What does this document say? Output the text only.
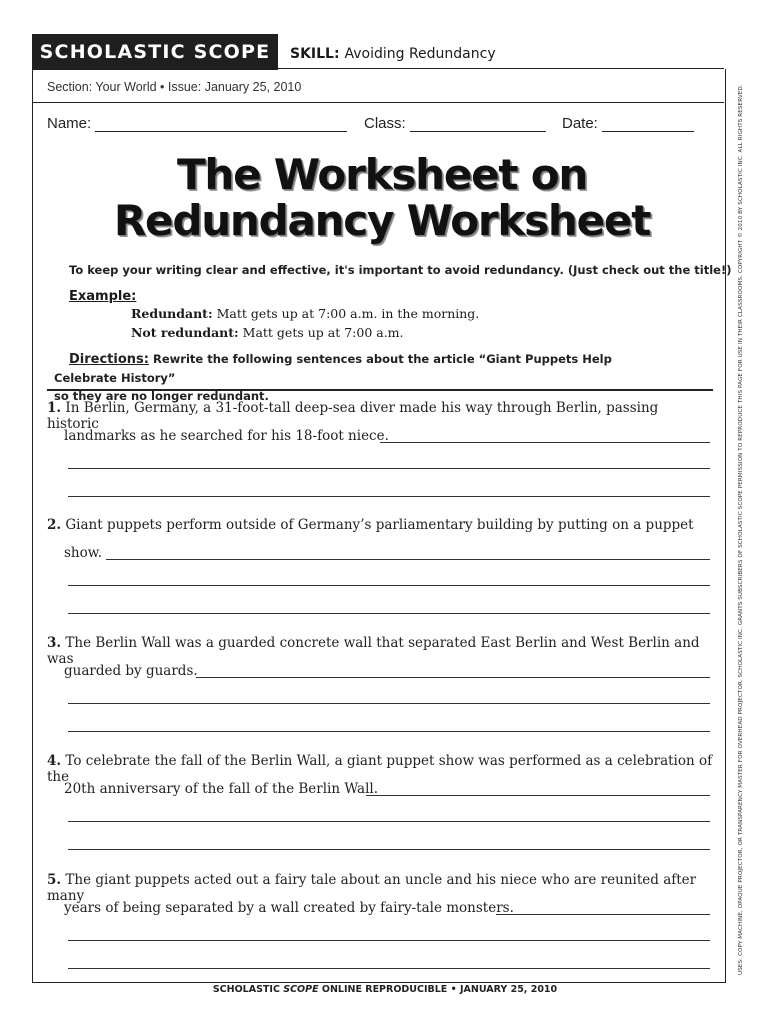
SCHOLASTIC SCOPE	SKILL: Avoiding Redundancy
Section: Your World • Issue: January 25, 2010
Name:	Class:	Date:
The Worksheet on
Redundancy Worksheet
To keep your writing clear and effective, it's important to avoid redundancy. (Just check out the title!)
Example:
Redundant: Matt gets up at 7:00 a.m. in the morning.
Not redundant: Matt gets up at 7:00 a.m.
Directions: Rewrite the following sentences about the article “Giant Puppets Help Celebrate History”
so they are no longer redundant.
1. In Berlin, Germany, a 31-foot-tall deep-sea diver made his way through Berlin, passing historic
landmarks as he searched for his 18-foot niece.
2. Giant puppets perform outside of Germany’s parliamentary building by putting on a puppet
show.
3. The Berlin Wall was a guarded concrete wall that separated East Berlin and West Berlin and was
guarded by guards.
4. To celebrate the fall of the Berlin Wall, a giant puppet show was performed as a celebration of the
20th anniversary of the fall of the Berlin Wall.
5. The giant puppets acted out a fairy tale about an uncle and his niece who are reunited after many
years of being separated by a wall created by fairy-tale monsters.	USES: COPY MACHINE, OPAQUE PROJECTOR, OR TRANSPARENCY MASTER FOR OVERHEAD PROJECTOR. SCHOLASTIC INC. GRANTS SUBSCRIBERS OF SCHOLASTIC SCOPE PERMISSION TO REPRODUCE THIS PAGE FOR USE IN THEIR CLASSROOMS. COPYRIGHT © 2010 BY SCHOLASTIC INC. ALL RIGHTS RESERVED.
SCHOLASTIC SCOPE ONLINE REPRODUCIBLE • JANUARY 25, 2010
